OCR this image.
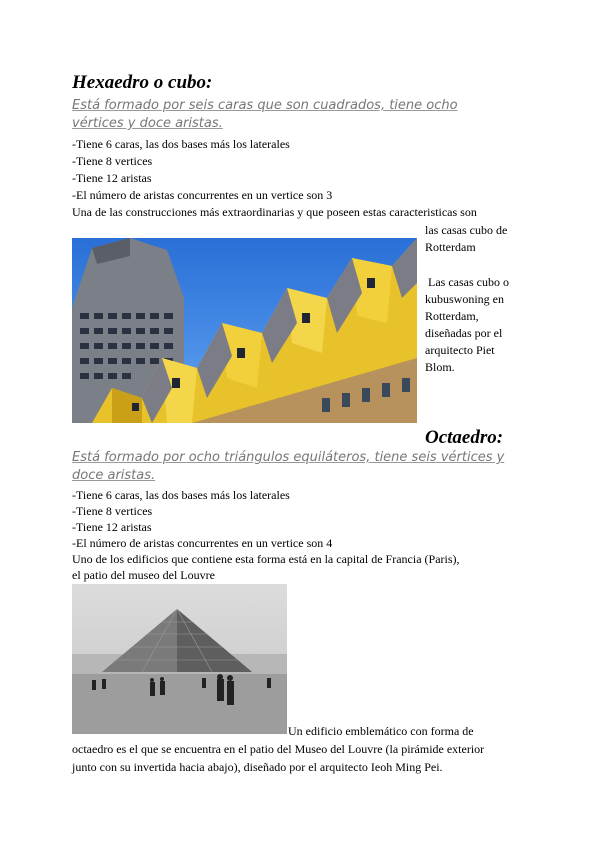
Hexaedro o cubo:
Está formado por seis caras que son cuadrados, tiene ocho
vértices y doce aristas.
-Tiene 6 caras, las dos bases más los laterales
-Tiene 8 vertices
-Tiene 12 aristas
-El número de aristas concurrentes en un vertice son 3
Una de las construcciones más extraordinarias y que poseen estas caracteristicas son
las casas cubo de
Rotterdam
Las casas cubo o
kubuswoning en
Rotterdam,
diseñadas por el
arquitecto Piet
Blom.
Octaedro:
Está formado por ocho triángulos equiláteros, tiene seis vértices y
doce aristas.
-Tiene 6 caras, las dos bases más los laterales
-Tiene 8 vertices
-Tiene 12 aristas
-El número de aristas concurrentes en un vertice son 4
Uno de los edificios que contiene esta forma está en la capital de Francia (Paris),
el patio del museo del Louvre
Un edificio emblemático con forma de
octaedro es el que se encuentra en el patio del Museo del Louvre (la pirámide exterior
junto con su invertida hacia abajo), diseñado por el arquitecto Ieoh Ming Pei.
